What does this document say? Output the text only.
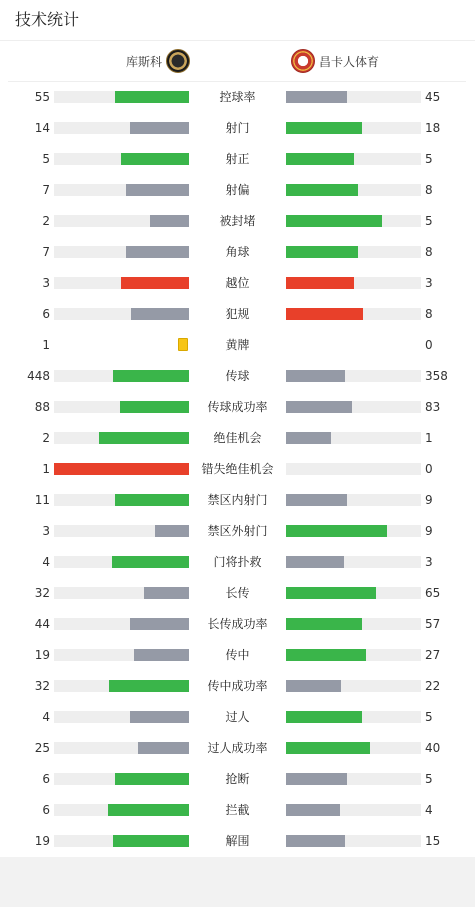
技术统计
库斯科	昌卡人体育
55	控球率	45
14	射门	18
5	射正	5
7	射偏	8
2	被封堵	5
7	角球	8
3	越位	3
6	犯规	8
1	黄牌	0
448	传球	358
88	传球成功率	83
2	绝佳机会	1
1	错失绝佳机会	0
11	禁区内射门	9
3	禁区外射门	9
4	门将扑救	3
32	长传	65
44	长传成功率	57
19	传中	27
32	传中成功率	22
4	过人	5
25	过人成功率	40
6	抢断	5
6	拦截	4
19	解围	15
